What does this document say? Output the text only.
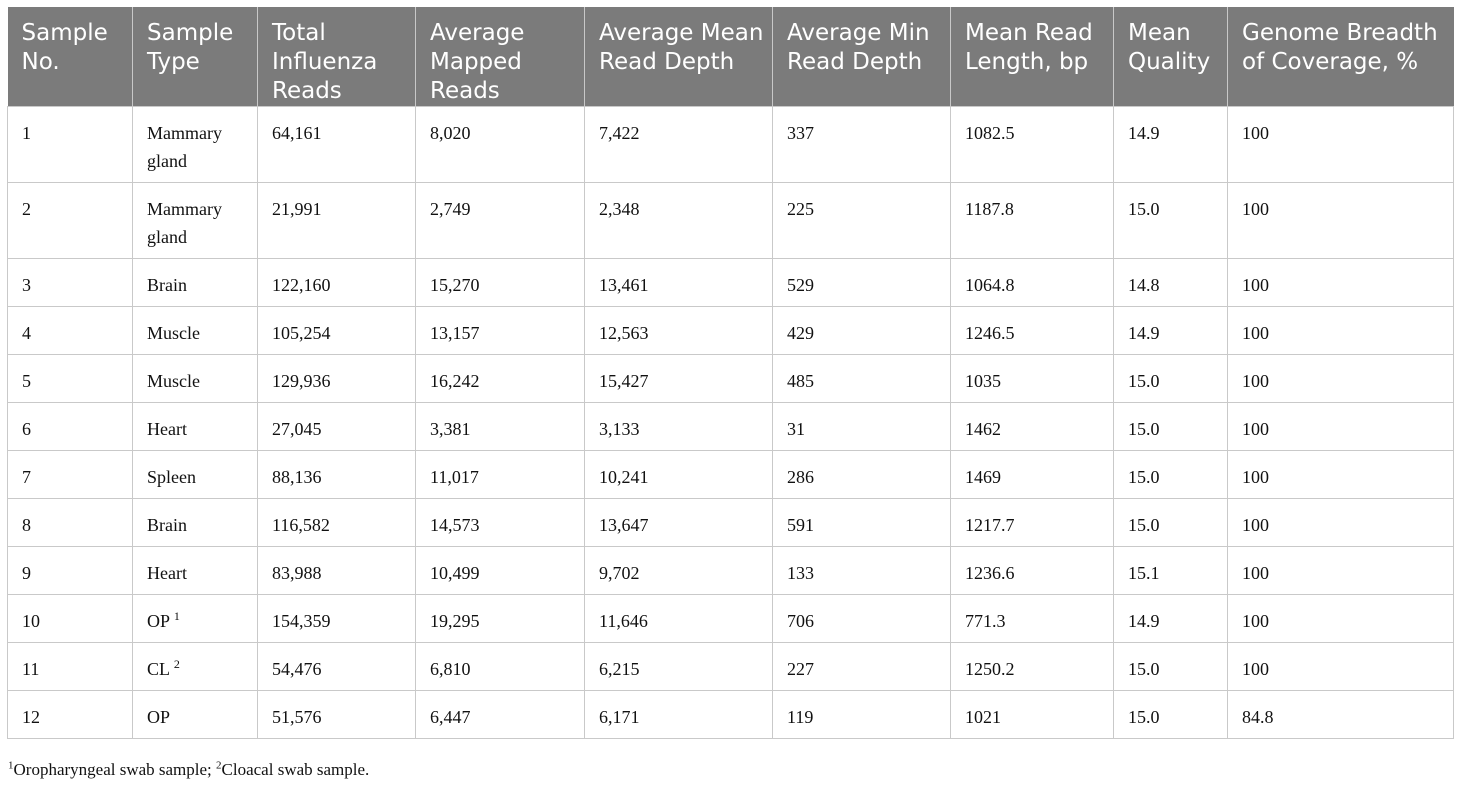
Sample No.	Sample Type	Total Influenza Reads	Average Mapped Reads	Average Mean Read Depth	Average Min Read Depth	Mean Read Length, bp	Mean Quality	Genome Breadth of Coverage, %
1	Mammary gland	64,161	8,020	7,422	337	1082.5	14.9	100
2	Mammary gland	21,991	2,749	2,348	225	1187.8	15.0	100
3	Brain	122,160	15,270	13,461	529	1064.8	14.8	100
4	Muscle	105,254	13,157	12,563	429	1246.5	14.9	100
5	Muscle	129,936	16,242	15,427	485	1035	15.0	100
6	Heart	27,045	3,381	3,133	31	1462	15.0	100
7	Spleen	88,136	11,017	10,241	286	1469	15.0	100
8	Brain	116,582	14,573	13,647	591	1217.7	15.0	100
9	Heart	83,988	10,499	9,702	133	1236.6	15.1	100
10	OP $^1$	154,359	19,295	11,646	706	771.3	14.9	100
11	CL $^2$	54,476	6,810	6,215	227	1250.2	15.0	100
12	OP	51,576	6,447	6,171	119	1021	15.0	84.8
$^1$Oropharyngeal swab sample; $^2$Cloacal swab sample.
